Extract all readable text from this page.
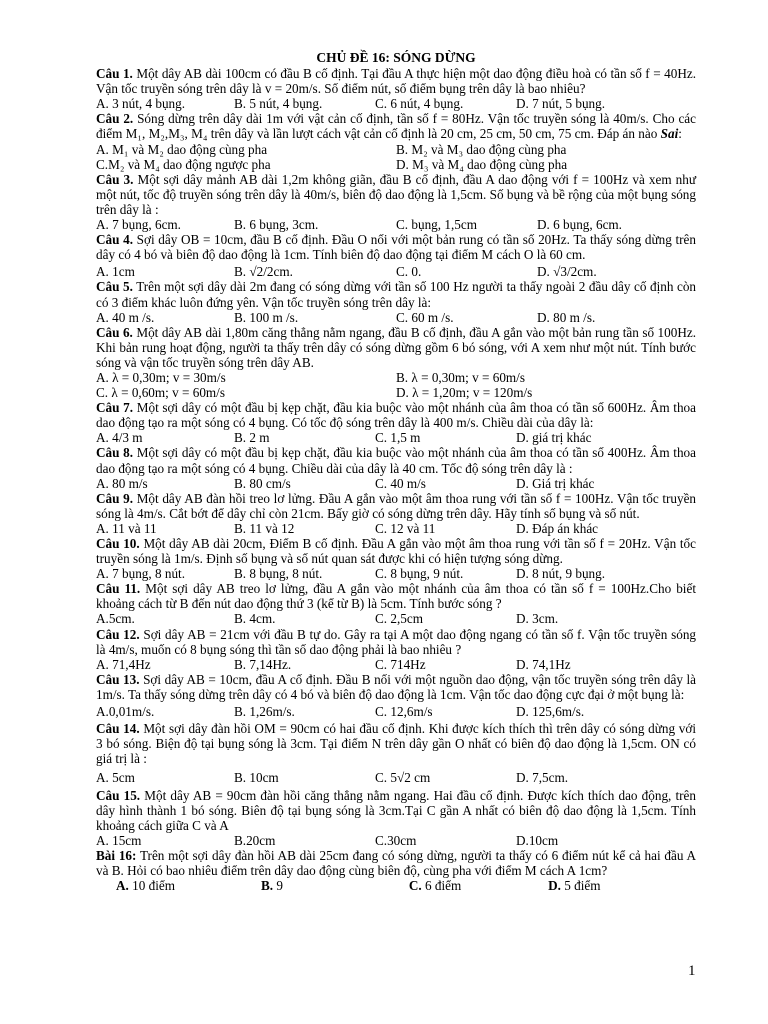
CHỦ ĐỀ 16: SÓNG DỪNG
Câu 1. Một dây AB dài 100cm có đầu B cố định. Tại đầu A thực hiện một dao động điều hoà có tần số f = 40Hz. Vận tốc truyền sóng trên dây là v = 20m/s. Số điểm nút, số điểm bụng trên dây là bao nhiêu?
A. 3 nút, 4 bụng.	B. 5 nút, 4 bụng.	C. 6 nút, 4 bụng.	D. 7 nút, 5 bụng.
Câu 2. Sóng dừng trên dây dài 1m với vật cản cố định, tần số f = 80Hz. Vận tốc truyền sóng là 40m/s. Cho các điểm M₁, M₂,M₃, M₄ trên dây và lần lượt cách vật cản cố định là 20 cm, 25 cm, 50 cm, 75 cm. Đáp án nào Sai:
A. M₁ và M₂ dao động cùng pha	B. M₂ và M₃ dao động cùng pha
C.M₂ và M₄ dao động ngược pha	D. M₃ và M₄ dao động cùng pha
Câu 3. Một sợi dây mảnh AB dài 1,2m không giãn, đầu B cố định, đầu A dao động với f = 100Hz và xem như một nút, tốc độ truyền sóng trên dây là 40m/s, biên độ dao động là 1,5cm. Số bụng và bề rộng của một bụng sóng trên dây là :
A. 7 bụng, 6cm.	B. 6 bụng, 3cm.	C. bụng, 1,5cm	D. 6 bụng, 6cm.
Câu 4. Sợi dây OB = 10cm, đầu B cố định. Đầu O nối với một bản rung có tần số 20Hz. Ta thấy sóng dừng trên dây có 4 bó và biên độ dao động là 1cm. Tính biên độ dao động tại điểm M cách O là 60 cm.
A. 1cm	B. √2/2cm.	C. 0.	D. √3/2cm.
Câu 5. Trên một sợi dây dài 2m đang có sóng dừng với tần số 100 Hz người ta thấy ngoài 2 đầu dây cố định còn có 3 điểm khác luôn đứng yên. Vận tốc truyền sóng trên dây là:
A. 40 m /s.	B. 100 m /s.	C. 60 m /s.	D. 80 m /s.
Câu 6. Một dây AB dài 1,80m căng thẳng nằm ngang, đầu B cố định, đầu A gắn vào một bản rung tần số 100Hz. Khi bản rung hoạt động, người ta thấy trên dây có sóng dừng gồm 6 bó sóng, với A xem như một nút. Tính bước sóng và vận tốc truyền sóng trên dây AB.
A. λ = 0,30m; v = 30m/s	B. λ = 0,30m; v = 60m/s
C. λ = 0,60m; v = 60m/s	D. λ = 1,20m; v = 120m/s
Câu 7. Một sợi dây có một đầu bị kẹp chặt, đầu kia buộc vào một nhánh của âm thoa có tần số 600Hz. Âm thoa dao động tạo ra một sóng có 4 bụng. Có tốc độ sóng trên dây là 400 m/s. Chiều dài của dây là:
A. 4/3 m	B. 2 m	C. 1,5 m	D. giá trị khác
Câu 8. Một sợi dây có một đầu bị kẹp chặt, đầu kia buộc vào một nhánh của âm thoa có tần số 400Hz. Âm thoa dao động tạo ra một sóng có 4 bụng. Chiều dài của dây là 40 cm. Tốc độ sóng trên dây là :
A. 80 m/s	B. 80 cm/s	C. 40 m/s	D. Giá trị khác
Câu 9. Một dây AB đàn hồi treo lơ lửng. Đầu A gắn vào một âm thoa rung với tần số f = 100Hz. Vận tốc truyền sóng là 4m/s. Cắt bớt để dây chỉ còn 21cm. Bấy giờ có sóng dừng trên dây. Hãy tính số bụng và số nút.
A. 11 và 11	B. 11 và 12	C. 12 và 11	D. Đáp án khác
Câu 10. Một dây AB dài 20cm, Điểm B cố định. Đầu A gắn vào một âm thoa rung với tần số f = 20Hz. Vận tốc truyền sóng là 1m/s. Định số bụng và số nút quan sát được khi có hiện tượng sóng dừng.
A. 7 bụng, 8 nút.	B. 8 bụng, 8 nút.	C. 8 bụng, 9 nút.	D. 8 nút, 9 bụng.
Câu 11. Một sợi dây AB treo lơ lửng, đầu A gắn vào một nhánh của âm thoa có tần số f = 100Hz.Cho biết khoảng cách từ B đến nút dao động thứ 3 (kể từ B) là 5cm. Tính bước sóng ?
A.5cm.	B. 4cm.	C. 2,5cm	D. 3cm.
Câu 12. Sợi dây AB = 21cm với đầu B tự do. Gây ra tại A một dao động ngang có tần số f. Vận tốc truyền sóng là 4m/s, muốn có 8 bụng sóng thì tần số dao động phải là bao nhiêu ?
A. 71,4Hz	B. 7,14Hz.	C. 714Hz	D. 74,1Hz
Câu 13. Sợi dây AB = 10cm, đầu A cố định. Đầu B nối với một nguồn dao động, vận tốc truyền sóng trên dây là 1m/s. Ta thấy sóng dừng trên dây có 4 bó và biên độ dao động là 1cm. Vận tốc dao động cực đại ở một bụng là:
A.0,01m/s.	B. 1,26m/s.	C. 12,6m/s	D. 125,6m/s.
Câu 14. Một sợi dây đàn hồi OM = 90cm có hai đầu cố định. Khi được kích thích thì trên dây có sóng dừng với 3 bó sóng. Biện độ tại bụng sóng là 3cm. Tại điểm N trên dây gần O nhất có biên độ dao động là 1,5cm. ON có giá trị là :
A. 5cm	B. 10cm	C. 5√2 cm	D. 7,5cm.
Câu 15. Một dây AB = 90cm đàn hồi căng thẳng nằm ngang. Hai đầu cố định. Được kích thích dao động, trên dây hình thành 1 bó sóng. Biên độ tại bụng sóng là 3cm.Tại C gần A nhất có biên độ dao động là 1,5cm. Tính khoảng cách giữa C và A
A. 15cm	B.20cm	C.30cm	D.10cm
Bài 16: Trên một sợi dây đàn hồi AB dài 25cm đang có sóng dừng, người ta thấy có 6 điểm nút kể cả hai đầu A và B. Hỏi có bao nhiêu điểm trên dây dao động cùng biên độ, cùng pha với điểm M cách A 1cm?
A. 10 điểm	B. 9	C. 6 điểm	D. 5 điểm
1
